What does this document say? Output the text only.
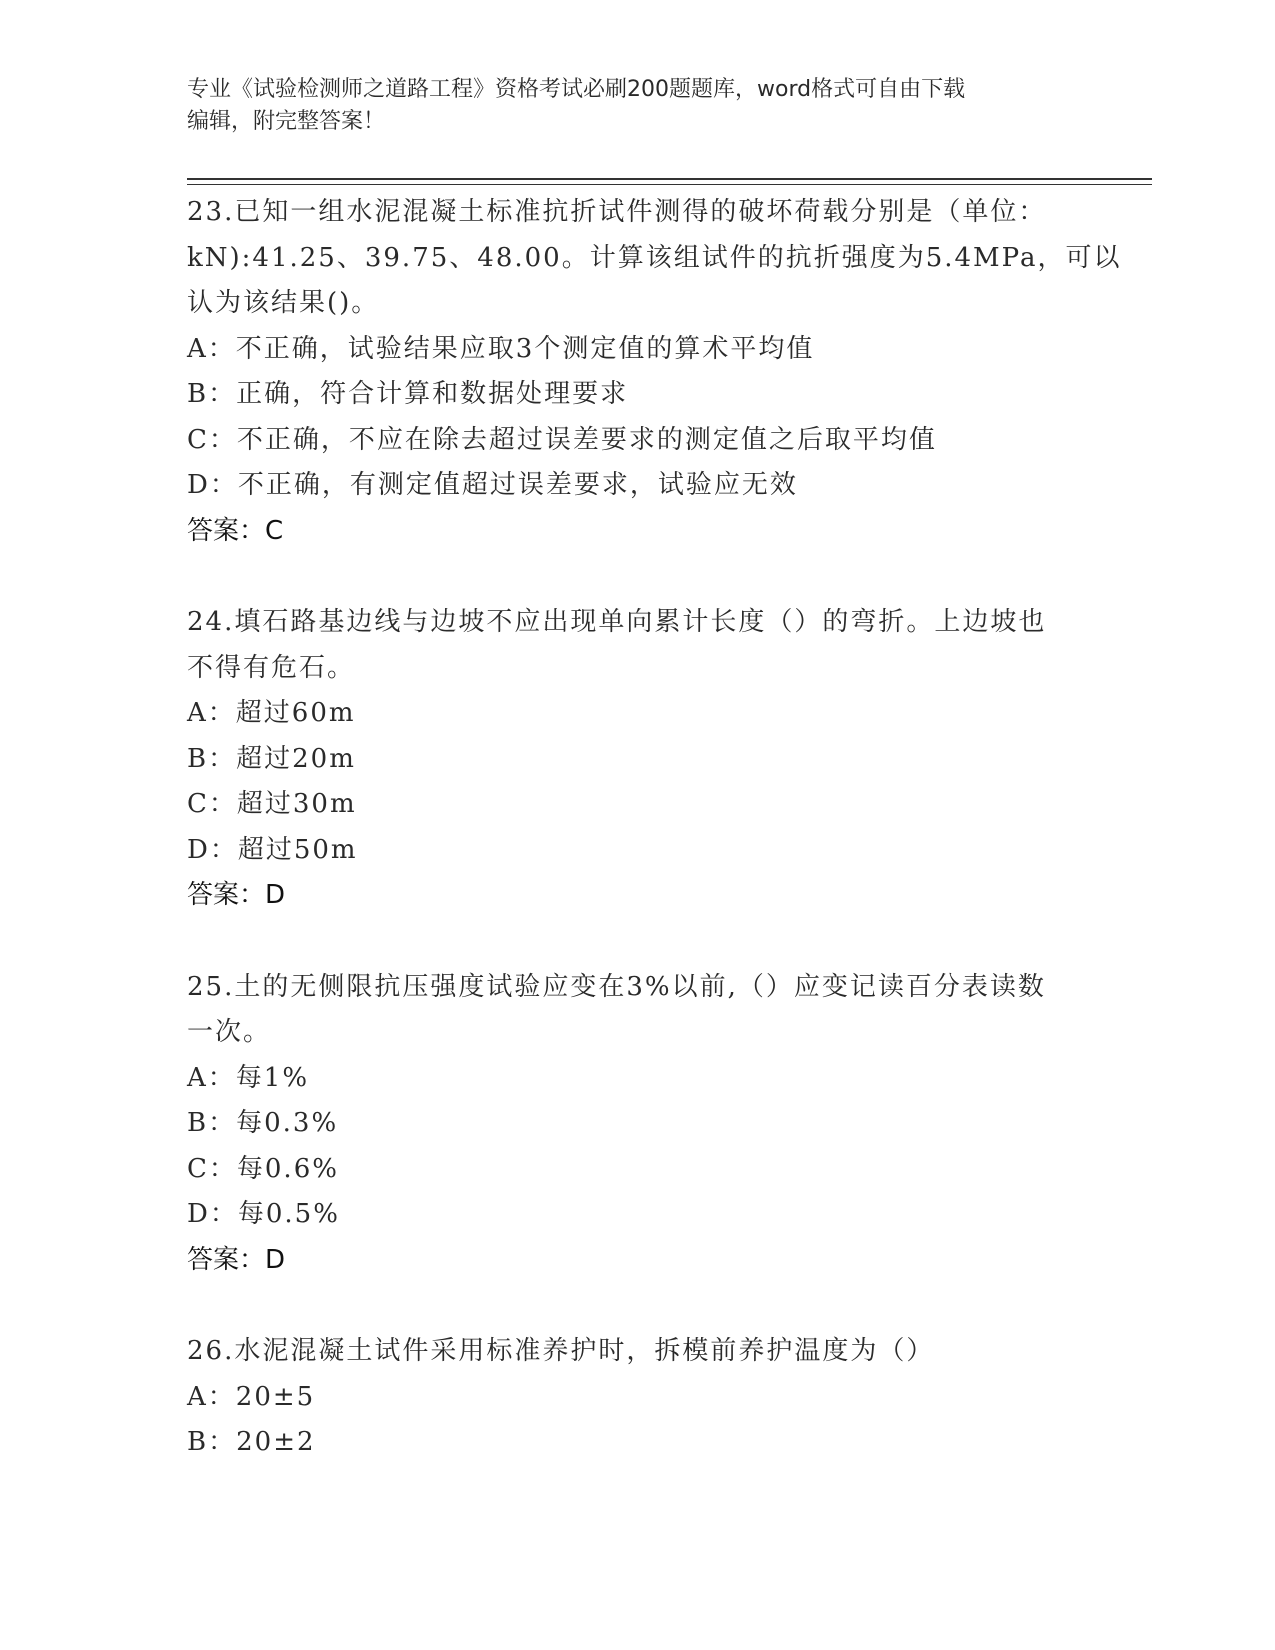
专业《试验检测师之道路工程》资格考试必刷200题题库，word格式可自由下载
编辑，附完整答案！
23.已知一组水泥混凝土标准抗折试件测得的破坏荷载分别是（单位：
kN):41.25、39.75、48.00。计算该组试件的抗折强度为5.4MPa，可以
认为该结果()。
A：不正确，试验结果应取3个测定值的算术平均值
B：正确，符合计算和数据处理要求
C：不正确，不应在除去超过误差要求的测定值之后取平均值
D：不正确，有测定值超过误差要求，试验应无效
答案：C
24.填石路基边线与边坡不应出现单向累计长度（）的弯折。上边坡也
不得有危石。
A：超过60m
B：超过20m
C：超过30m
D：超过50m
答案：D
25.土的无侧限抗压强度试验应变在3%以前,（）应变记读百分表读数
一次。
A：每1%
B：每0.3%
C：每0.6%
D：每0.5%
答案：D
26.水泥混凝土试件采用标准养护时，拆模前养护温度为（）
A：20±5
B：20±2
